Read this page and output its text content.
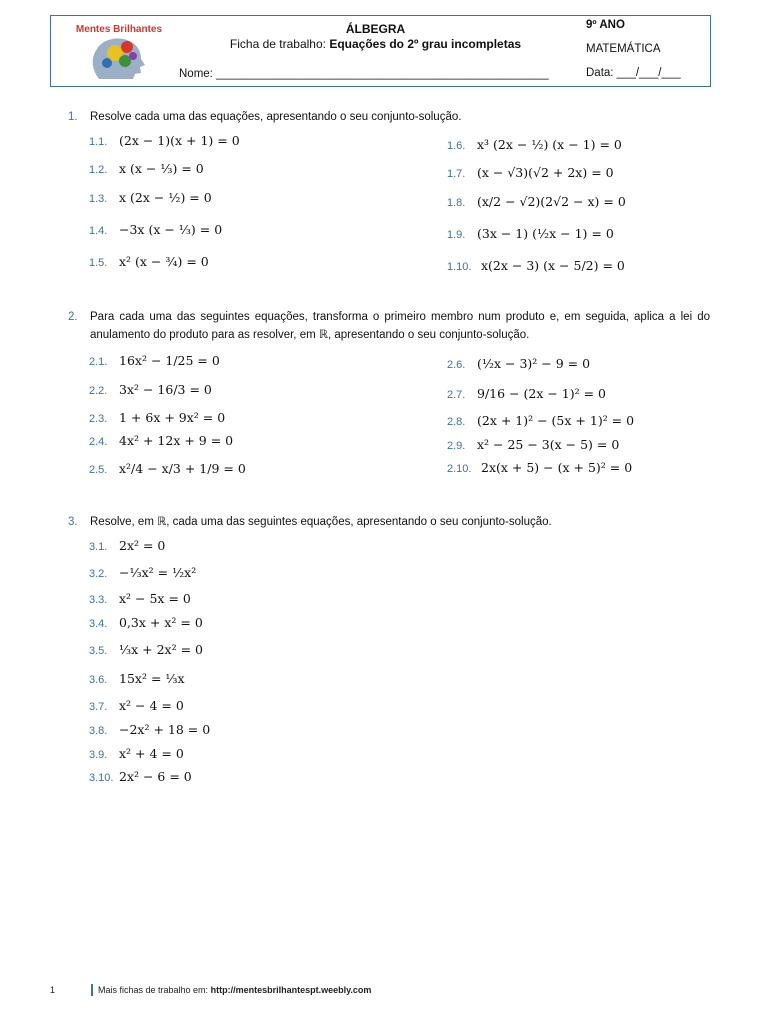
Mentes Brilhantes	ÁLBEGRA
Ficha de trabalho: Equações do 2º grau incompletas
Nome: ____________________________________________________
9º ANO
MATEMÁTICA
Data: ___/___/___
1.	Resolve cada uma das equações, apresentando o seu conjunto-solução.
1.1. (2x − 1)(x + 1) = 0
1.2. x (x − ⅓) = 0
1.3. x (2x − ½) = 0
1.4. −3x (x − ⅓) = 0
1.5. x² (x − ¾) = 0
1.6. x³ (2x − ½) (x − 1) = 0
1.7. (x − √3)(√2 + 2x) = 0
1.8. (x/2 − √2)(2√2 − x) = 0
1.9. (3x − 1) (½x − 1) = 0
1.10. x(2x − 3) (x − 5/2) = 0
2.	Para cada uma das seguintes equações, transforma o primeiro membro num produto e, em seguida, aplica a lei do anulamento do produto para as resolver, em ℝ, apresentando o seu conjunto-solução.
2.1. 16x² − 1/25 = 0
2.2. 3x² − 16/3 = 0
2.3. 1 + 6x + 9x² = 0
2.4. 4x² + 12x + 9 = 0
2.5. x²/4 − x/3 + 1/9 = 0
2.6. (½x − 3)² − 9 = 0
2.7. 9/16 − (2x − 1)² = 0
2.8. (2x + 1)² − (5x + 1)² = 0
2.9. x² − 25 − 3(x − 5) = 0
2.10. 2x(x + 5) − (x + 5)² = 0
3.	Resolve, em ℝ, cada uma das seguintes equações, apresentando o seu conjunto-solução.
3.1. 2x² = 0
3.2. −⅓x² = ½x²
3.3. x² − 5x = 0
3.4. 0,3x + x² = 0
3.5. ⅓x + 2x² = 0
3.6. 15x² = ⅓x
3.7. x² − 4 = 0
3.8. −2x² + 18 = 0
3.9. x² + 4 = 0
3.10. 2x² − 6 = 0
1	Mais fichas de trabalho em: http://mentesbrilhantespt.weebly.com
